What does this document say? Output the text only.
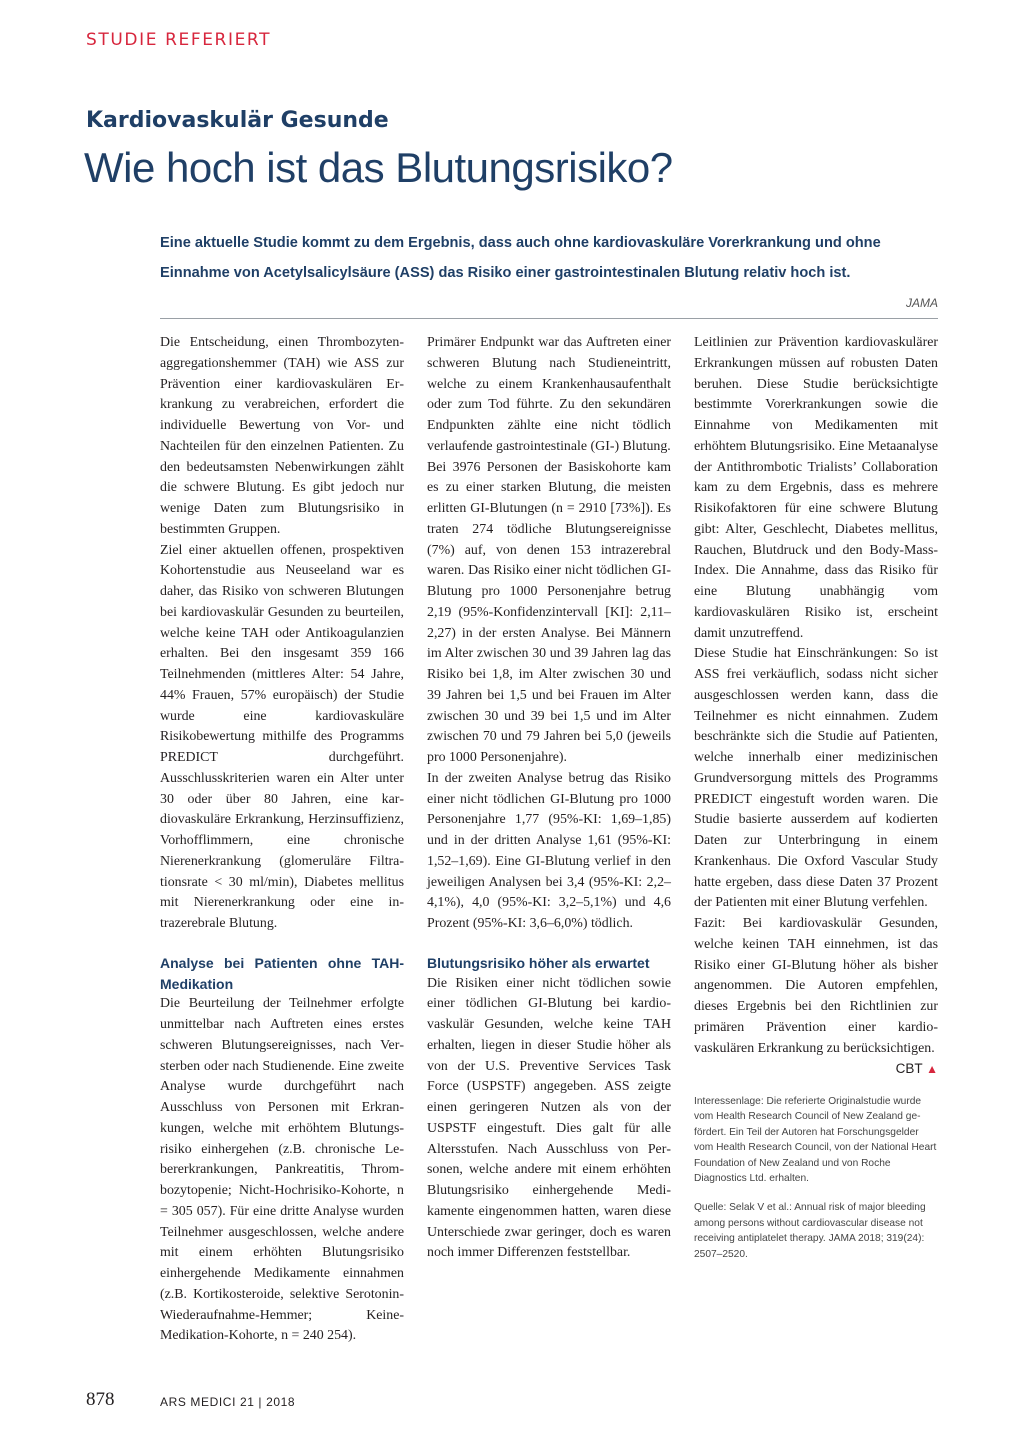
STUDIE REFERIERT
Kardiovaskulär Gesunde
Wie hoch ist das Blutungsrisiko?

Eine aktuelle Studie kommt zu dem Ergebnis, dass auch ohne kardiovaskuläre Vorerkrankung und ohne Einnahme von Acetylsalicylsäure (ASS) das Risiko einer gastrointestinalen Blutung relativ hoch ist.

JAMA

Die Entscheidung, einen Thrombozytenaggregationshemmer (TAH) wie ASS zur Prävention einer kardiovaskulären Erkrankung zu verabreichen, erfordert die individuelle Bewertung von Vor- und Nachteilen für den einzelnen Patienten. Zu den bedeutsamsten Nebenwirkungen zählt die schwere Blutung. Es gibt jedoch nur wenige Daten zum Blutungsrisiko in bestimmten Gruppen.

Ziel einer aktuellen offenen, prospektiven Kohortenstudie aus Neuseeland war es daher, das Risiko von schweren Blutungen bei kardiovaskulär Gesunden zu beurteilen, welche keine TAH oder Antikoagulanzien erhalten. Bei den insgesamt 359 166 Teilnehmenden (mittleres Alter: 54 Jahre, 44% Frauen, 57% europäisch) der Studie wurde eine kardiovaskuläre Risikobewertung mithilfe des Programms PREDICT durchgeführt. Ausschlusskriterien waren ein Alter unter 30 oder über 80 Jahren, eine kardiovaskuläre Erkrankung, Herzinsuffizienz, Vorhofflimmern, eine chronische Nierenerkrankung (glomeruläre Filtrationsrate < 30 ml/min), Diabetes mellitus mit Nierenerkrankung oder eine intrazerebrale Blutung.

Analyse bei Patienten ohne TAH-Medikation

Die Beurteilung der Teilnehmer erfolgte unmittelbar nach Auftreten eines erstes schweren Blutungsereignisses, nach Versterben oder nach Studienende. Eine zweite Analyse wurde durchgeführt nach Ausschluss von Personen mit Erkrankungen, welche mit erhöhtem Blutungsrisiko einhergehen (z.B. chronische Lebererkrankungen, Pankreatitis, Thrombozytopenie; Nicht-Hochrisiko-Kohorte, n = 305 057). Für eine dritte Analyse wurden Teilnehmer ausgeschlossen, welche andere mit einem erhöhten Blutungsrisiko einhergehende Medikamente einnahmen (z.B. Kortikosteroide, selektive Serotonin-Wiederaufnahme-Hemmer; Keine-Medikation-Kohorte, n = 240 254).

Primärer Endpunkt war das Auftreten einer schweren Blutung nach Studieneintritt, welche zu einem Krankenhausaufenthalt oder zum Tod führte. Zu den sekundären Endpunkten zählte eine nicht tödlich verlaufende gastrointestinale (GI-) Blutung.

Bei 3976 Personen der Basiskohorte kam es zu einer starken Blutung, die meisten erlitten GI-Blutungen (n = 2910 [73%]). Es traten 274 tödliche Blutungsereignisse (7%) auf, von denen 153 intrazerebral waren. Das Risiko einer nicht tödlichen GI-Blutung pro 1000 Personenjahre betrug 2,19 (95%-Konfidenzintervall [KI]: 2,11–2,27) in der ersten Analyse. Bei Männern im Alter zwischen 30 und 39 Jahren lag das Risiko bei 1,8, im Alter zwischen 30 und 39 Jahren bei 1,5 und bei Frauen im Alter zwischen 30 und 39 bei 1,5 und im Alter zwischen 70 und 79 Jahren bei 5,0 (jeweils pro 1000 Personenjahre).

In der zweiten Analyse betrug das Risiko einer nicht tödlichen GI-Blutung pro 1000 Personenjahre 1,77 (95%-KI: 1,69–1,85) und in der dritten Analyse 1,61 (95%-KI: 1,52–1,69). Eine GI-Blutung verlief in den jeweiligen Analysen bei 3,4 (95%-KI: 2,2–4,1%), 4,0 (95%-KI: 3,2–5,1%) und 4,6 Prozent (95%-KI: 3,6–6,0%) tödlich.

Blutungsrisiko höher als erwartet

Die Risiken einer nicht tödlichen sowie einer tödlichen GI-Blutung bei kardiovaskulär Gesunden, welche keine TAH erhalten, liegen in dieser Studie höher als von der U.S. Preventive Services Task Force (USPSTF) angegeben. ASS zeigte einen geringeren Nutzen als von der USPSTF eingestuft. Dies galt für alle Altersstufen. Nach Ausschluss von Personen, welche andere mit einem erhöhten Blutungsrisiko einhergehende Medikamente eingenommen hatten, waren diese Unterschiede zwar geringer, doch es waren noch immer Differenzen feststellbar.

Leitlinien zur Prävention kardiovaskulärer Erkrankungen müssen auf robusten Daten beruhen. Diese Studie berücksichtigte bestimmte Vorerkrankungen sowie die Einnahme von Medikamenten mit erhöhtem Blutungsrisiko. Eine Metaanalyse der Antithrombotic Trialists’ Collaboration kam zu dem Ergebnis, dass es mehrere Risikofaktoren für eine schwere Blutung gibt: Alter, Geschlecht, Diabetes mellitus, Rauchen, Blutdruck und den Body-Mass-Index. Die Annahme, dass das Risiko für eine Blutung unabhängig vom kardiovaskulären Risiko ist, erscheint damit unzutreffend.

Diese Studie hat Einschränkungen: So ist ASS frei verkäuflich, sodass nicht sicher ausgeschlossen werden kann, dass die Teilnehmer es nicht einnahmen. Zudem beschränkte sich die Studie auf Patienten, welche innerhalb einer medizinischen Grundversorgung mittels des Programms PREDICT eingestuft worden waren. Die Studie basierte ausserdem auf kodierten Daten zur Unterbringung in einem Krankenhaus. Die Oxford Vascular Study hatte ergeben, dass diese Daten 37 Prozent der Patienten mit einer Blutung verfehlen.

Fazit: Bei kardiovaskulär Gesunden, welche keinen TAH einnehmen, ist das Risiko einer GI-Blutung höher als bisher angenommen. Die Autoren empfehlen, dieses Ergebnis bei den Richtlinien zur primären Prävention einer kardiovaskulären Erkrankung zu berücksichtigen.

CBT ▲
Interessenlage: Die referierte Originalstudie wurde vom Health Research Council of New Zealand gefördert. Ein Teil der Autoren hat Forschungsgelder vom Health Research Council, von der National Heart Foundation of New Zealand und von Roche Diagnostics Ltd. erhalten.
Quelle: Selak V et al.: Annual risk of major bleeding among persons without cardiovascular disease not receiving antiplatelet therapy. JAMA 2018; 319(24): 2507–2520.
878	ARS MEDICI 21 | 2018
